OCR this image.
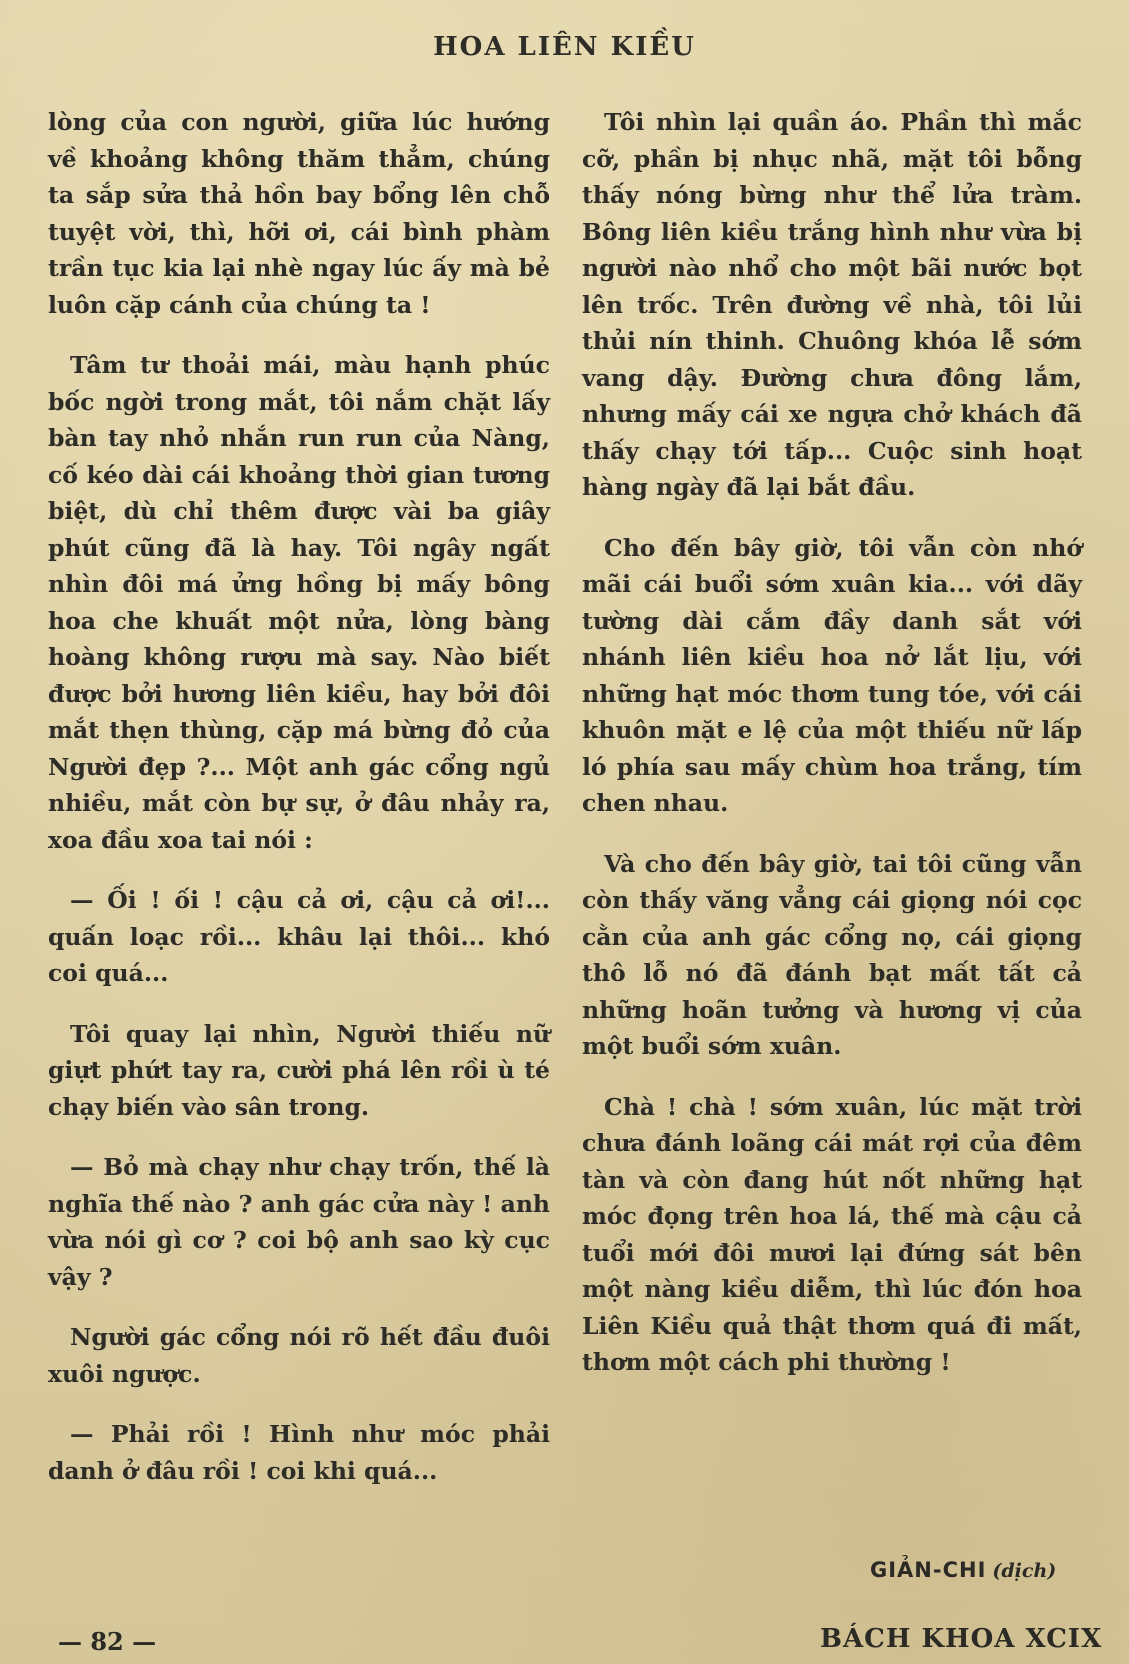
HOA LIÊN KIỀU

lòng của con người, giữa lúc hướng về khoảng không thăm thẳm, chúng ta sắp sửa thả hồn bay bổng lên chỗ tuyệt vời, thì, hỡi ơi, cái bình phàm trần tục kia lại nhè ngay lúc ấy mà bẻ luôn cặp cánh của chúng ta !

Tâm tư thoải mái, màu hạnh phúc bốc ngời trong mắt, tôi nắm chặt lấy bàn tay nhỏ nhắn run run của Nàng, cố kéo dài cái khoảng thời gian tương biệt, dù chỉ thêm được vài ba giây phút cũng đã là hay. Tôi ngây ngất nhìn đôi má ửng hồng bị mấy bông hoa che khuất một nửa, lòng bàng hoàng không rượu mà say. Nào biết được bởi hương liên kiều, hay bởi đôi mắt thẹn thùng, cặp má bừng đỏ của Người đẹp ?... Một anh gác cổng ngủ nhiều, mắt còn bự sự, ở đâu nhảy ra, xoa đầu xoa tai nói :

— Ối ! ối ! cậu cả ơi, cậu cả ơi!... quấn loạc rồi... khâu lại thôi... khó coi quá...

Tôi quay lại nhìn, Người thiếu nữ giựt phứt tay ra, cười phá lên rồi ù té chạy biến vào sân trong.

— Bỏ mà chạy như chạy trốn, thế là nghĩa thế nào ? anh gác cửa này ! anh vừa nói gì cơ ? coi bộ anh sao kỳ cục vậy ?

Người gác cổng nói rõ hết đầu đuôi xuôi ngược.

— Phải rồi ! Hình như móc phải danh ở đâu rồi ! coi khi quá...

Tôi nhìn lại quần áo. Phần thì mắc cỡ, phần bị nhục nhã, mặt tôi bỗng thấy nóng bừng như thể lửa tràm. Bông liên kiều trắng hình như vừa bị người nào nhổ cho một bãi nước bọt lên trốc. Trên đường về nhà, tôi lủi thủi nín thinh. Chuông khóa lễ sớm vang dậy. Đường chưa đông lắm, nhưng mấy cái xe ngựa chở khách đã thấy chạy tới tấp... Cuộc sinh hoạt hàng ngày đã lại bắt đầu.

Cho đến bây giờ, tôi vẫn còn nhớ mãi cái buổi sớm xuân kia... với dãy tường dài cắm đầy danh sắt với nhánh liên kiều hoa nở lắt lịu, với những hạt móc thơm tung tóe, với cái khuôn mặt e lệ của một thiếu nữ lấp ló phía sau mấy chùm hoa trắng, tím chen nhau.

Và cho đến bây giờ, tai tôi cũng vẫn còn thấy văng vẳng cái giọng nói cọc cằn của anh gác cổng nọ, cái giọng thô lỗ nó đã đánh bạt mất tất cả những hoãn tưởng và hương vị của một buổi sớm xuân.

Chà ! chà ! sớm xuân, lúc mặt trời chưa đánh loãng cái mát rợi của đêm tàn và còn đang hút nốt những hạt móc đọng trên hoa lá, thế mà cậu cả tuổi mới đôi mươi lại đứng sát bên một nàng kiều diễm, thì lúc đón hoa Liên Kiều quả thật thơm quá đi mất, thơm một cách phi thường !

GIẢN-CHI (dịch)
— 82 —	BÁCH KHOA XCIX
